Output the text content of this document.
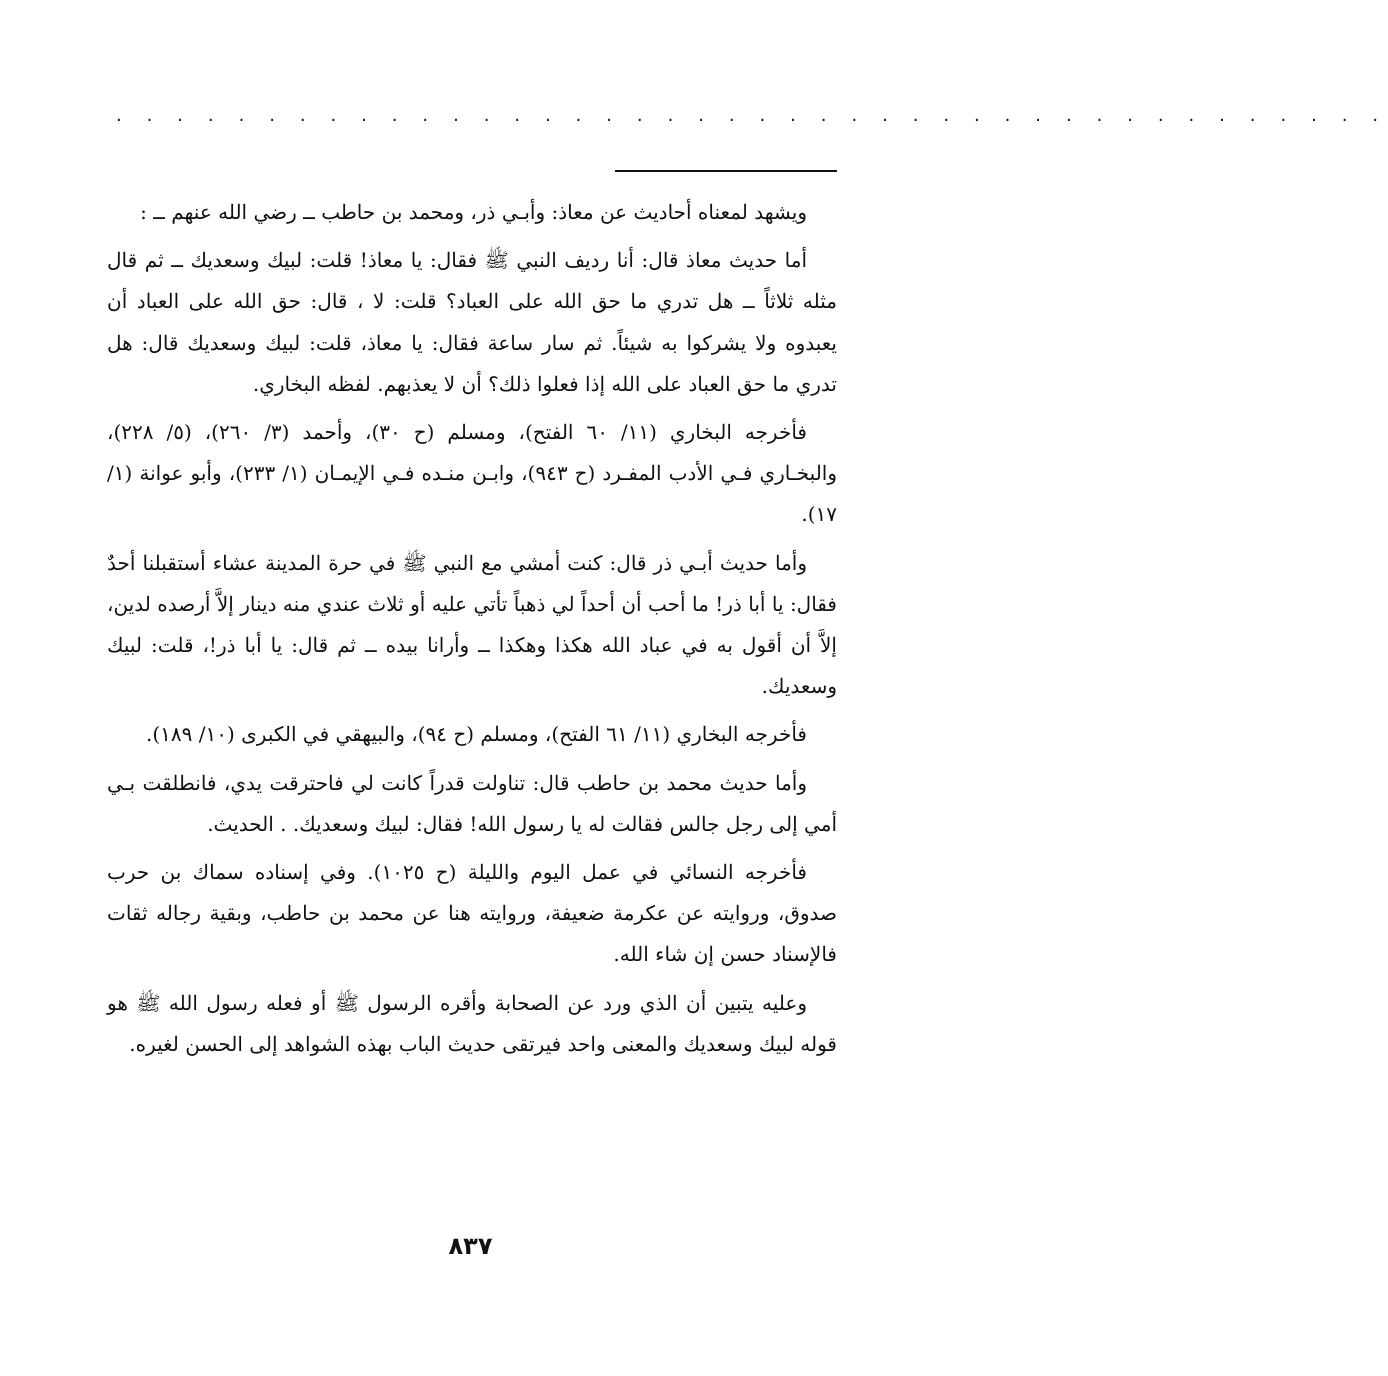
. . . . . . . . . . . . . . . . . . . . . . . . . . . . . . . . . . . . . . . . . .

ويشهد لمعناه أحاديث عن معاذ: وأبـي ذر، ومحمد بن حاطب ــ رضي الله عنهم ــ :

أما حديث معاذ قال: أنا رديف النبي ﷺ فقال: يا معاذ! قلت: لبيك وسعديك ــ ثم قال مثله ثلاثاً ــ هل تدري ما حق الله على العباد؟ قلت: لا ، قال: حق الله على العباد أن يعبدوه ولا يشركوا به شيئاً. ثم سار ساعة فقال: يا معاذ، قلت: لبيك وسعديك قال: هل تدري ما حق العباد على الله إذا فعلوا ذلك؟ أن لا يعذبهم. لفظه البخاري.

فأخرجه البخاري (١١/ ٦٠ الفتح)، ومسلم (ح ٣٠)، وأحمد (٣/ ٢٦٠)، (٥/ ٢٢٨)، والبخـاري فـي الأدب المفـرد (ح ٩٤٣)، وابـن منـده فـي الإيمـان (١/ ٢٣٣)، وأبو عوانة (١/ ١٧).

وأما حديث أبـي ذر قال: كنت أمشي مع النبي ﷺ في حرة المدينة عشاء أستقبلنا أحدٌ فقال: يا أبا ذر! ما أحب أن أحداً لي ذهباً تأتي عليه أو ثلاث عندي منه دينار إلاَّ أرصده لدين، إلاَّ أن أقول به في عباد الله هكذا وهكذا ــ وأرانا بيده ــ ثم قال: يا أبا ذر!، قلت: لبيك وسعديك.

فأخرجه البخاري (١١/ ٦١ الفتح)، ومسلم (ح ٩٤)، والبيهقي في الكبرى (١٠/ ١٨٩).

وأما حديث محمد بن حاطب قال: تناولت قدراً كانت لي فاحترقت يدي، فانطلقت بـي أمي إلى رجل جالس فقالت له يا رسول الله! فقال: لبيك وسعديك. . الحديث.

فأخرجه النسائي في عمل اليوم والليلة (ح ١٠٢٥). وفي إسناده سماك بن حرب صدوق، وروايته عن عكرمة ضعيفة، وروايته هنا عن محمد بن حاطب، وبقية رجاله ثقات فالإسناد حسن إن شاء الله.

وعليه يتبين أن الذي ورد عن الصحابة وأقره الرسول ﷺ أو فعله رسول الله ﷺ هو قوله لبيك وسعديك والمعنى واحد فيرتقى حديث الباب بهذه الشواهد إلى الحسن لغيره.

٨٣٧
